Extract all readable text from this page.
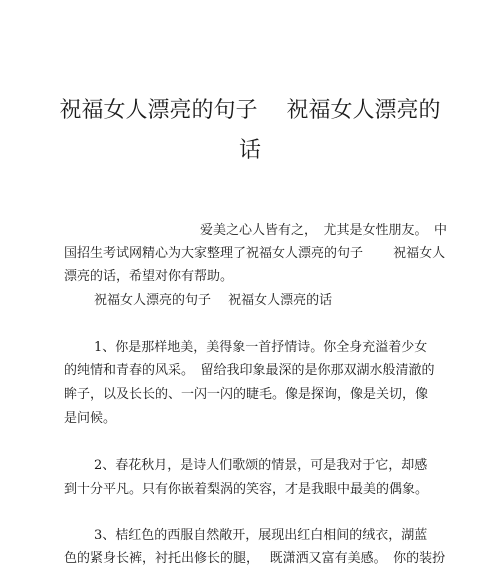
祝福女人漂亮的句子　 祝福女人漂亮的
话
爱美之心人皆有之，　尤其是女性朋友。　中
国招生考试网精心为大家整理了祝福女人漂亮的句子　　 祝福女人
漂亮的话，希望对你有帮助。
祝福女人漂亮的句子　 祝福女人漂亮的话
1、你是那样地美，美得象一首抒情诗。你全身充溢着少女
的纯情和青春的风采。　留给我印象最深的是你那双湖水般清澈的
眸子，以及长长的、一闪一闪的睫毛。像是探询，像是关切，像
是问候。
2、春花秋月，是诗人们歌颂的情景，可是我对于它，却感
到十分平凡。只有你嵌着梨涡的笑容，才是我眼中最美的偶象。
3、桔红色的西服自然敞开，展现出红白相间的绒衣，湖蓝
色的紧身长裤，衬托出修长的腿，　 既潇洒又富有美感。　你的装扮
